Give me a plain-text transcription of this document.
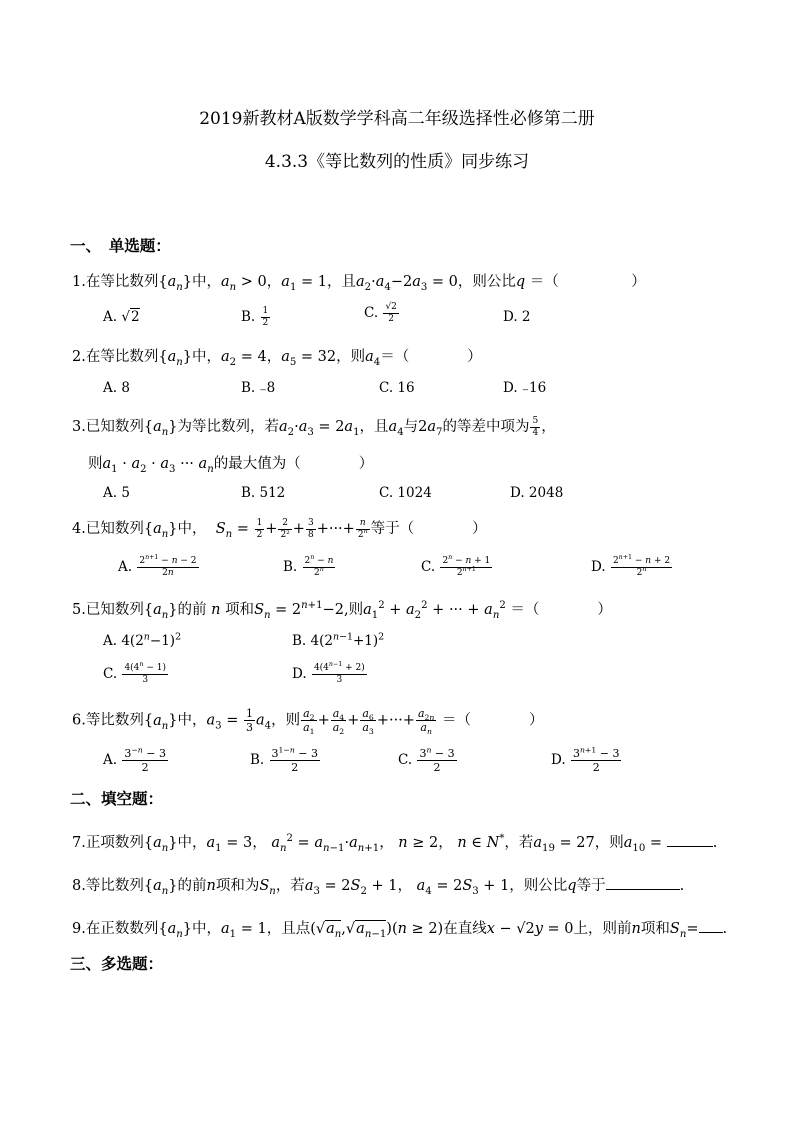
2019新教材A版数学学科高二年级选择性必修第二册
4.3.3《等比数列的性质》同步练习
一、　单选题：
1.在等比数列$\{a_n\}$中，$a_n > 0$，$a_1 = 1$，且$a_2\cdot a_4-2a_3 = 0$，则公比q ＝（　　　　　）
A. √2	B. $\frac{1}{2}$	C. $\frac{√2}{2}$	D. 2
2.在等比数列$\{a_n\}$中，$a_2 = 4$，$a_5 = 32$，则$a_4=$（　　　　）
A. 8	B. ₋8	C. 16	D. ₋16
3.已知数列$\{a_n\}$为等比数列，若$a_2\cdot a_3 = 2a_1$，且$a_4$与$2a_7$的等差中项为 $\frac{5}{4}$ ，
则$a_1 \cdot a_2 \cdot a_3$ ··· $a_n$的最大值为（　　　　）
A. 5	B. 512	C. 1024	D. 2048
4.已知数列$\{a_n\}$中， $S_n = \frac{1}{2} + \frac{2}{\text{2²}} + \frac{3}{8}$ +···+ $\frac{n}{2^n}$ 等于（　　　　）
A. $\frac{2^{n+1} - n - 2}{2n}$	B. $\frac{2^n - n}{2^n}$	C. $\frac{2^n - n + 1}{2^{n+1}}$	D. $\frac{2^{n+1} - n + 2}{2^n}$
5.已知数列$\{a_n\}$的前 n 项和$S_n = 2^{n+1}-2$,则$a_1^2 + a_2^2$ + ··· + $a_n^2$ ＝（　　　　）
A. $4(2^n-1)^2$	B. $4(2^{n-1}+1)^2$
C. $\frac{4(4^n - 1)}{3}$	D. $\frac{4(4^{n-1} + 2)}{3}$
6.等比数列$\{a_n\}$中，$a_3 = \frac{1}{3} a_4$，则 $\frac{a_2}{a_1} + \frac{a_4}{a_2} + \frac{a_6}{a_3}$ +···+ $\frac{a_{2n}}{a_n}$ ＝（　　　　）
A. $\frac{3^{-n} - 3}{2}$	B. $\frac{3^{1-n} - 3}{2}$	C. $\frac{3^n - 3}{2}$	D. $\frac{3^{n+1} - 3}{2}$
二、填空题：
7.正项数列$\{a_n\}$中，$a_1 = 3$， $a_n^2 = a_{n-1}\cdot a_{n+1}$， n ≥ 2， n ∈ N*，若$a_{19} = 27$，则$a_{10}$ =	.
8.等比数列$\{a_n\}$的前n项和为$S_n$，若$a_3 = 2S_2 + 1$， $a_4 = 2S_3 + 1$，则公比q等于	.
9.在正数数列$\{a_n\}$中，$a_1 = 1$，且点$(√a_n,√a_{n-1})(n \ge 2)$在直线x − √2y = 0上，则前n项和$S_n=$ .
三、多选题：
